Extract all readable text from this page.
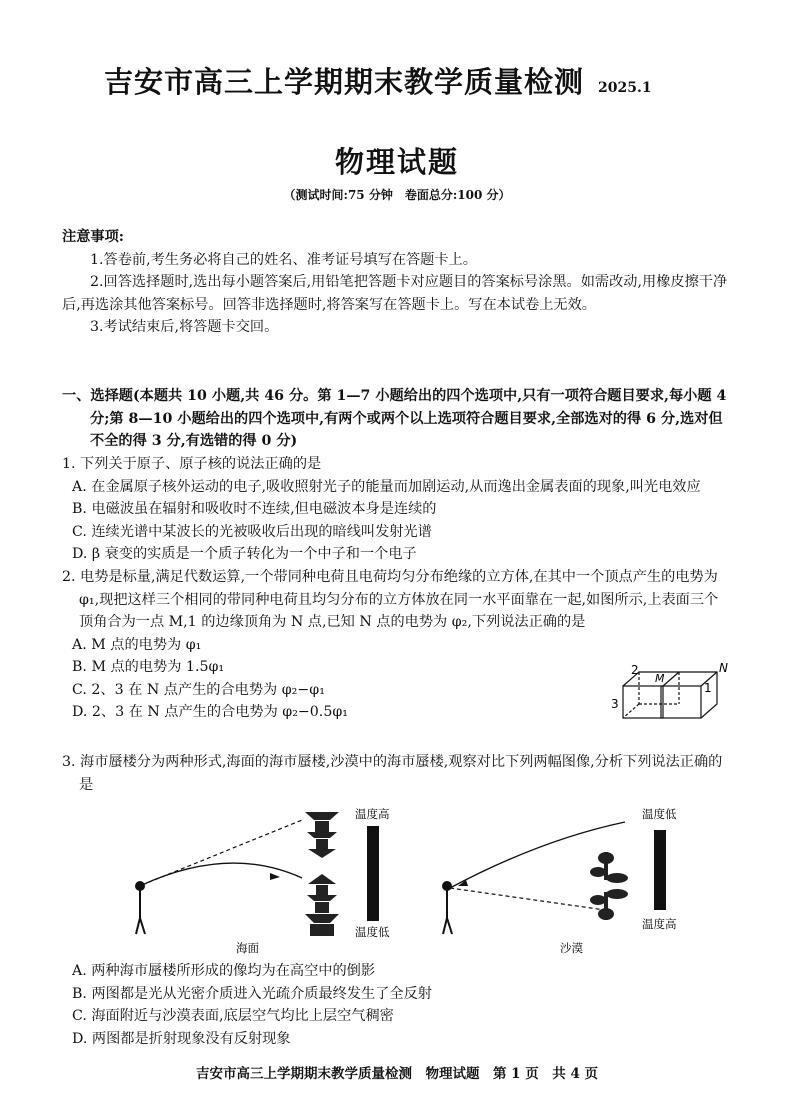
吉安市高三上学期期末教学质量检测 2025.1
物理试题
（测试时间:75 分钟　卷面总分:100 分）

注意事项:

1.答卷前,考生务必将自己的姓名、准考证号填写在答题卡上。

2.回答选择题时,选出每小题答案后,用铅笔把答题卡对应题目的答案标号涂黑。如需改动,用橡皮擦干净后,再选涂其他答案标号。回答非选择题时,将答案写在答题卡上。写在本试卷上无效。

3.考试结束后,将答题卡交回。

一、选择题(本题共 10 小题,共 46 分。第 1—7 小题给出的四个选项中,只有一项符合题目要求,每小题 4 分;第 8—10 小题给出的四个选项中,有两个或两个以上选项符合题目要求,全部选对的得 6 分,选对但不全的得 3 分,有选错的得 0 分)

1. 下列关于原子、原子核的说法正确的是

A. 在金属原子核外运动的电子,吸收照射光子的能量而加剧运动,从而逸出金属表面的现象,叫光电效应

B. 电磁波虽在辐射和吸收时不连续,但电磁波本身是连续的

C. 连续光谱中某波长的光被吸收后出现的暗线叫发射光谱

D. β 衰变的实质是一个质子转化为一个中子和一个电子

2. 电势是标量,满足代数运算,一个带同种电荷且电荷均匀分布绝缘的立方体,在其中一个顶点产生的电势为 φ₁,现把这样三个相同的带同种电荷且均匀分布的立方体放在同一水平面靠在一起,如图所示,上表面三个顶角合为一点 M,1 的边缘顶角为 N 点,已知 N 点的电势为 φ₂,下列说法正确的是

A. M 点的电势为 φ₁

B. M 点的电势为 1.5φ₁

C. 2、3 在 N 点产生的合电势为 φ₂−φ₁

D. 2、3 在 N 点产生的合电势为 φ₂−0.5φ₁

2
M
N
1
3

3. 海市蜃楼分为两种形式,海面的海市蜃楼,沙漠中的海市蜃楼,观察对比下列两幅图像,分析下列说法正确的是

温度高
温度低
海面
温度低
温度高
沙漠

A. 两种海市蜃楼所形成的像均为在高空中的倒影

B. 两图都是光从光密介质进入光疏介质最终发生了全反射

C. 海面附近与沙漠表面,底层空气均比上层空气稠密

D. 两图都是折射现象没有反射现象

吉安市高三上学期期末教学质量检测　物理试题　第 1 页　共 4 页
